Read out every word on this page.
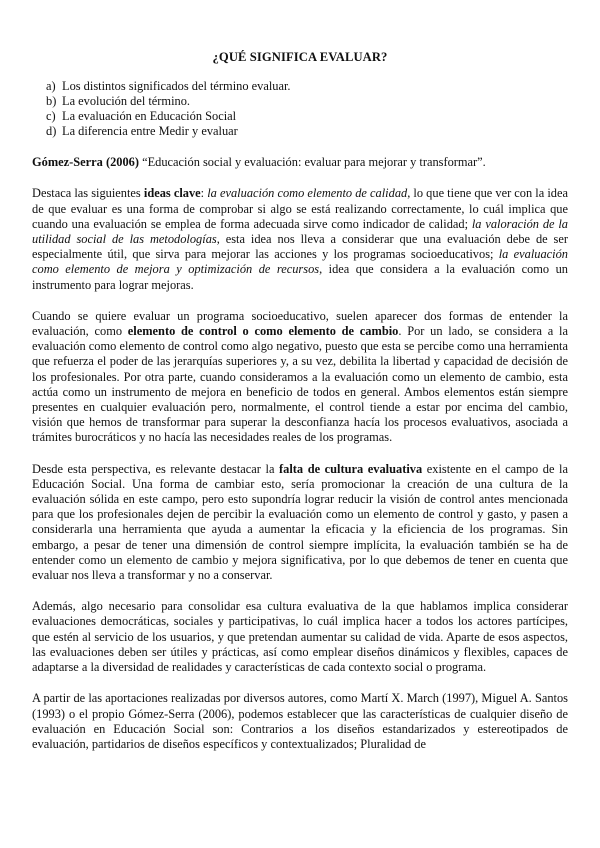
¿QUÉ SIGNIFICA EVALUAR?
a) Los distintos significados del término evaluar.
b) La evolución del término.
c) La evaluación en Educación Social
d) La diferencia entre Medir y evaluar
Gómez-Serra (2006) “Educación social y evaluación: evaluar para mejorar y transformar”.

Destaca las siguientes ideas clave: la evaluación como elemento de calidad, lo que tiene que ver con la idea de que evaluar es una forma de comprobar si algo se está realizando correctamente, lo cuál implica que cuando una evaluación se emplea de forma adecuada sirve como indicador de calidad; la valoración de la utilidad social de las metodologías, esta idea nos lleva a considerar que una evaluación debe de ser especialmente útil, que sirva para mejorar las acciones y los programas socioeducativos; la evaluación como elemento de mejora y optimización de recursos, idea que considera a la evaluación como un instrumento para lograr mejoras.

Cuando se quiere evaluar un programa socioeducativo, suelen aparecer dos formas de entender la evaluación, como elemento de control o como elemento de cambio. Por un lado, se considera a la evaluación como elemento de control como algo negativo, puesto que esta se percibe como una herramienta que refuerza el poder de las jerarquías superiores y, a su vez, debilita la libertad y capacidad de decisión de los profesionales. Por otra parte, cuando consideramos a la evaluación como un elemento de cambio, esta actúa como un instrumento de mejora en beneficio de todos en general. Ambos elementos están siempre presentes en cualquier evaluación pero, normalmente, el control tiende a estar por encima del cambio, visión que hemos de transformar para superar la desconfianza hacía los procesos evaluativos, asociada a trámites burocráticos y no hacía las necesidades reales de los programas.

Desde esta perspectiva, es relevante destacar la falta de cultura evaluativa existente en el campo de la Educación Social. Una forma de cambiar esto, sería promocionar la creación de una cultura de la evaluación sólida en este campo, pero esto supondría lograr reducir la visión de control antes mencionada para que los profesionales dejen de percibir la evaluación como un elemento de control y gasto, y pasen a considerarla una herramienta que ayuda a aumentar la eficacia y la eficiencia de los programas. Sin embargo, a pesar de tener una dimensión de control siempre implícita, la evaluación también se ha de entender como un elemento de cambio y mejora significativa, por lo que debemos de tener en cuenta que evaluar nos lleva a transformar y no a conservar.

Además, algo necesario para consolidar esa cultura evaluativa de la que hablamos implica considerar evaluaciones democráticas, sociales y participativas, lo cuál implica hacer a todos los actores partícipes, que estén al servicio de los usuarios, y que pretendan aumentar su calidad de vida. Aparte de esos aspectos, las evaluaciones deben ser útiles y prácticas, así como emplear diseños dinámicos y flexibles, capaces de adaptarse a la diversidad de realidades y características de cada contexto social o programa.

A partir de las aportaciones realizadas por diversos autores, como Martí X. March (1997), Miguel A. Santos (1993) o el propio Gómez-Serra (2006), podemos establecer que las características de cualquier diseño de evaluación en Educación Social son: Contrarios a los diseños estandarizados y estereotipados de evaluación, partidarios de diseños específicos y contextualizados; Pluralidad de
